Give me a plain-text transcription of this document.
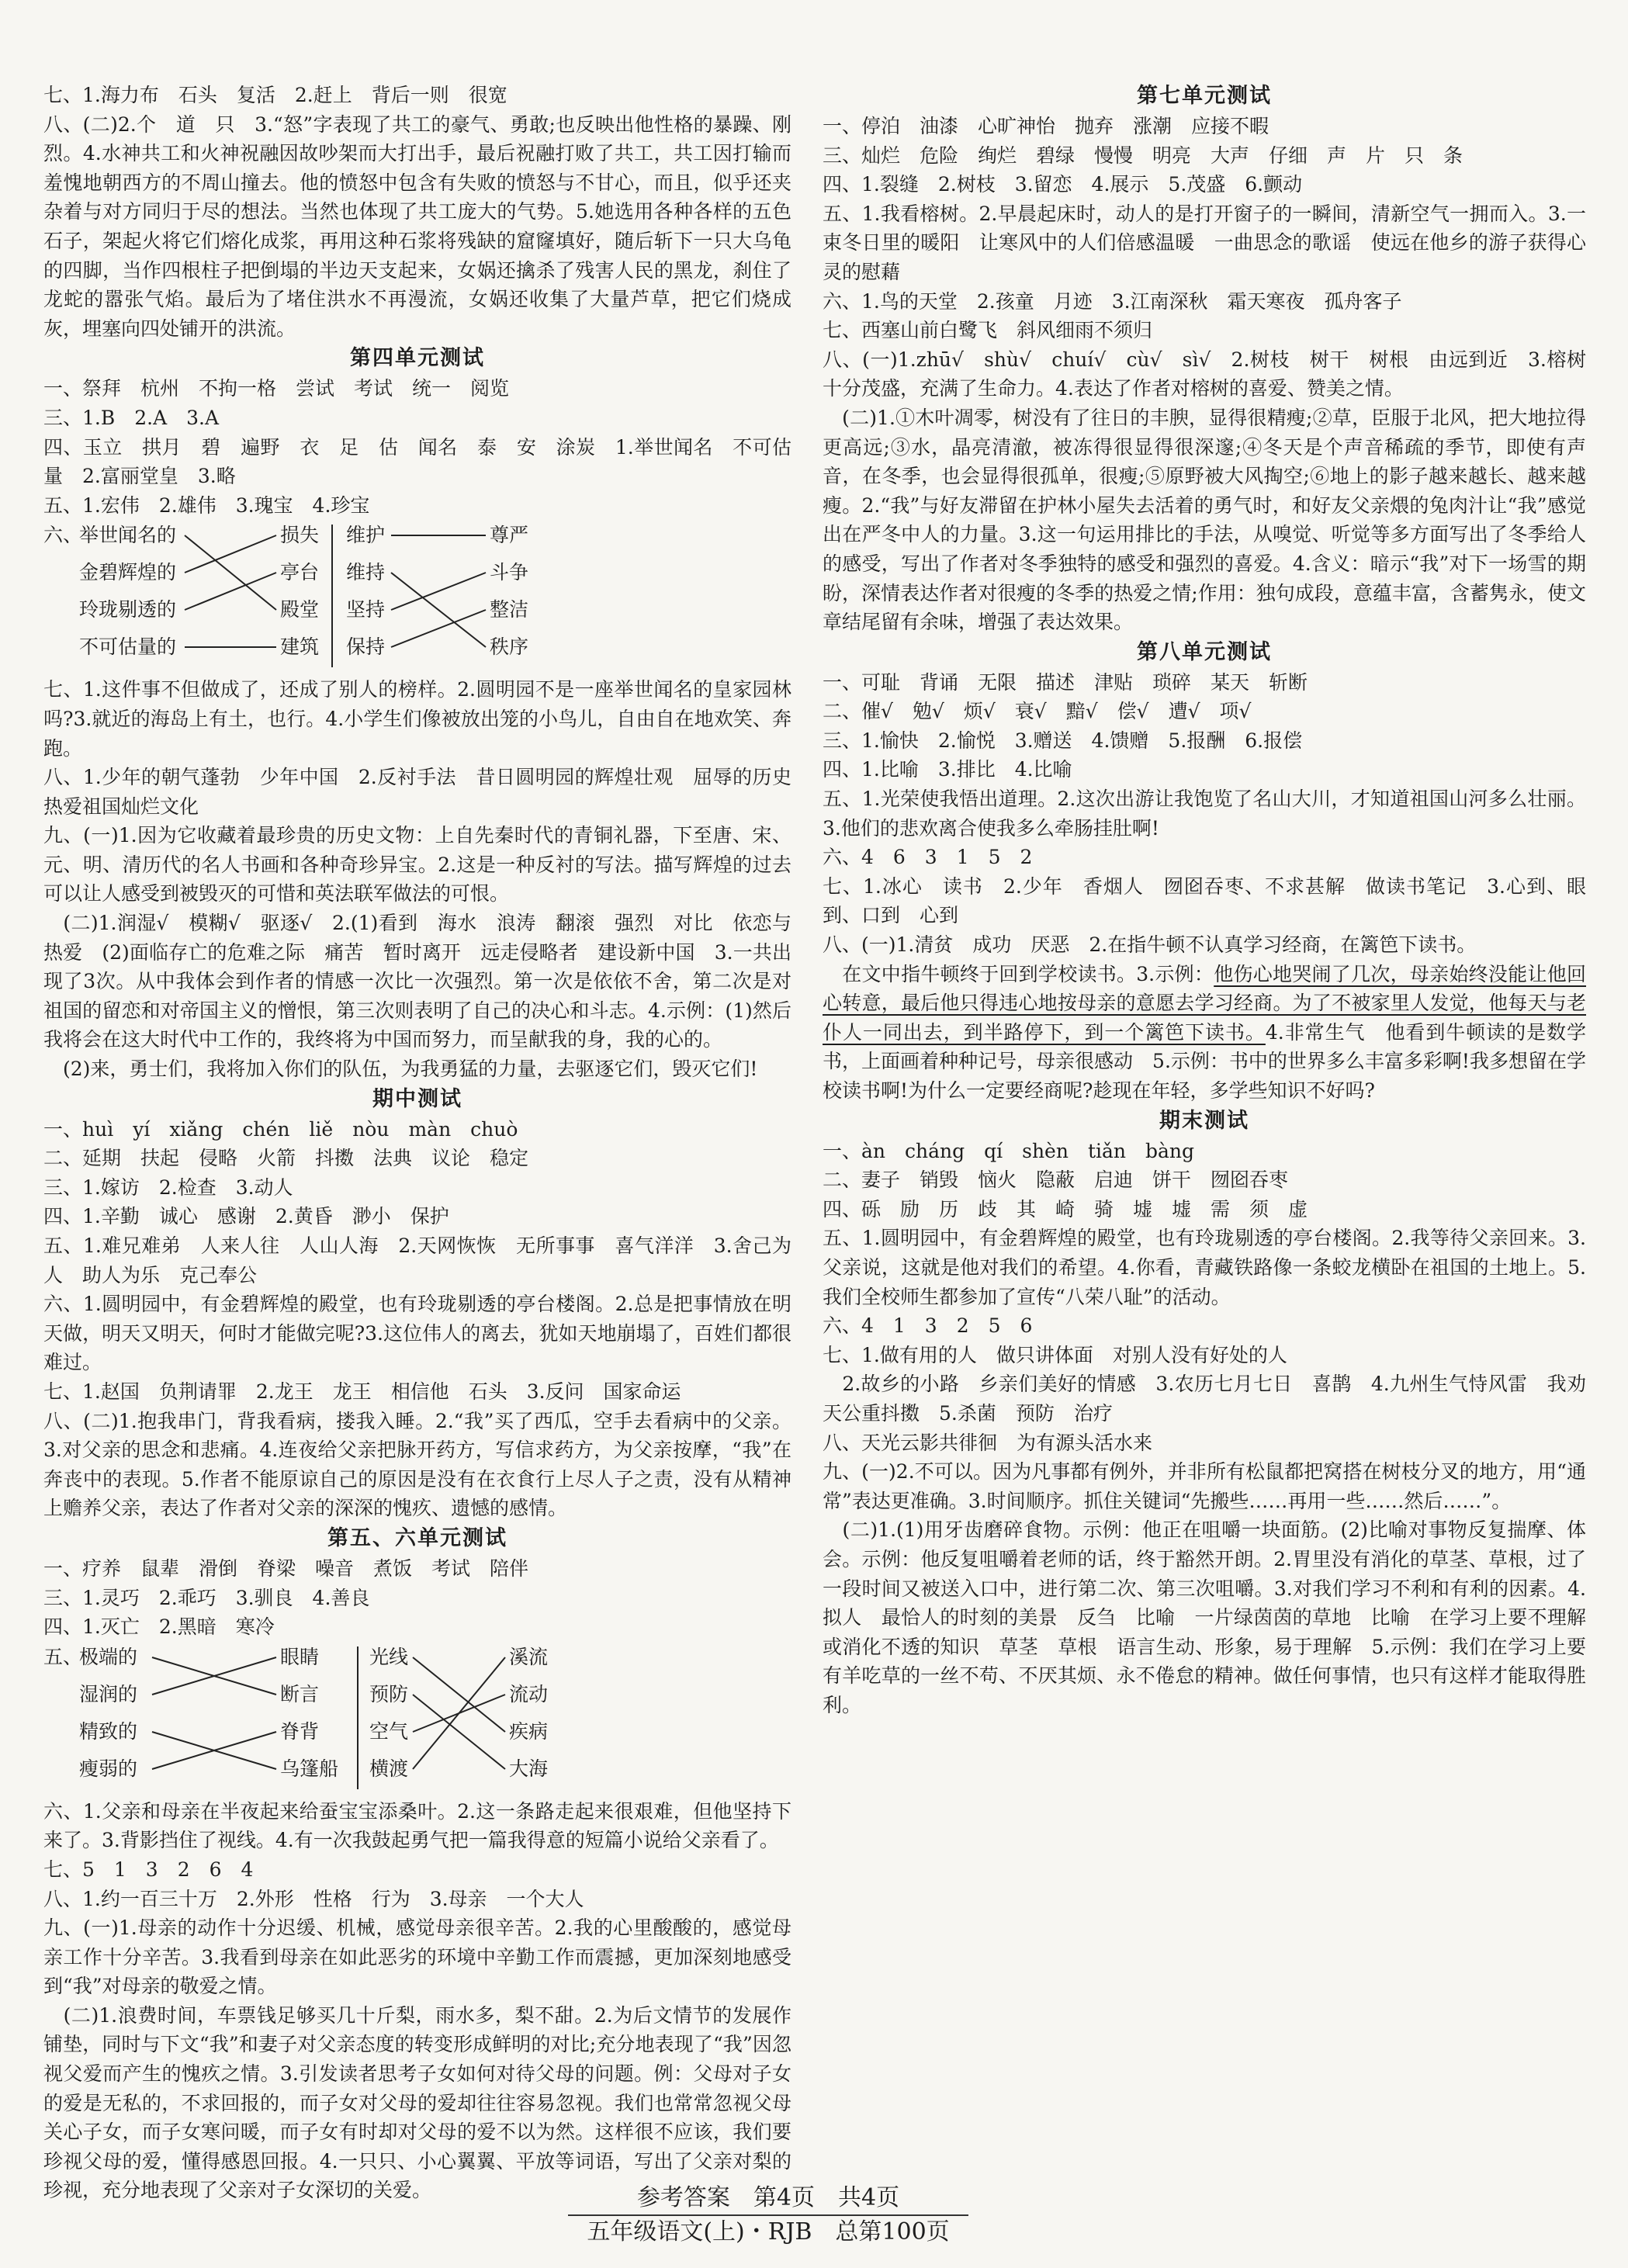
七、1.海力布　石头　复活　2.赶上　背后一则　很宽

八、(二)2.个　道　只　3.“怒”字表现了共工的豪气、勇敢;也反映出他性格的暴躁、刚烈。4.水神共工和火神祝融因故吵架而大打出手，最后祝融打败了共工，共工因打输而羞愧地朝西方的不周山撞去。他的愤怒中包含有失败的愤怒与不甘心，而且，似乎还夹杂着与对方同归于尽的想法。当然也体现了共工庞大的气势。5.她选用各种各样的五色石子，架起火将它们熔化成浆，再用这种石浆将残缺的窟窿填好，随后斩下一只大乌龟的四脚，当作四根柱子把倒塌的半边天支起来，女娲还擒杀了残害人民的黑龙，刹住了龙蛇的嚣张气焰。最后为了堵住洪水不再漫流，女娲还收集了大量芦草，把它们烧成灰，埋塞向四处铺开的洪流。

第四单元测试

一、祭拜　杭州　不拘一格　尝试　考试　统一　阅览

三、1.B　2.A　3.A

四、玉立　拱月　碧　遍野　衣　足　估　闻名　泰　安　涂炭　1.举世闻名　不可估量　2.富丽堂皇　3.略

五、1.宏伟　2.雄伟　3.瑰宝　4.珍宝

六、
举世闻名的
金碧辉煌的
玲珑剔透的
不可估量的
损失
亭台
殿堂
建筑
维护
维持
坚持
保持
尊严
斗争
整洁
秩序

七、1.这件事不但做成了，还成了别人的榜样。2.圆明园不是一座举世闻名的皇家园林吗?3.就近的海岛上有土，也行。4.小学生们像被放出笼的小鸟儿，自由自在地欢笑、奔跑。

八、1.少年的朝气蓬勃　少年中国　2.反衬手法　昔日圆明园的辉煌壮观　屈辱的历史　热爱祖国灿烂文化

九、(一)1.因为它收藏着最珍贵的历史文物：上自先秦时代的青铜礼器，下至唐、宋、元、明、清历代的名人书画和各种奇珍异宝。2.这是一种反衬的写法。描写辉煌的过去可以让人感受到被毁灭的可惜和英法联军做法的可恨。

　(二)1.润湿√　模糊√　驱逐√　2.(1)看到　海水　浪涛　翻滚　强烈　对比　依恋与热爱　(2)面临存亡的危难之际　痛苦　暂时离开　远走侵略者　建设新中国　3.一共出现了3次。从中我体会到作者的情感一次比一次强烈。第一次是依依不舍，第二次是对祖国的留恋和对帝国主义的憎恨，第三次则表明了自己的决心和斗志。4.示例：(1)然后我将会在这大时代中工作的，我终将为中国而努力，而呈献我的身，我的心的。

　(2)来，勇士们，我将加入你们的队伍，为我勇猛的力量，去驱逐它们，毁灭它们!

期中测试

一、huì　yí　xiǎng　chén　liě　nòu　màn　chuò

二、延期　扶起　侵略　火箭　抖擞　法典　议论　稳定

三、1.嫁访　2.检查　3.动人

四、1.辛勤　诚心　感谢　2.黄昏　渺小　保护

五、1.难兄难弟　人来人往　人山人海　2.天网恢恢　无所事事　喜气洋洋　3.舍己为人　助人为乐　克己奉公

六、1.圆明园中，有金碧辉煌的殿堂，也有玲珑剔透的亭台楼阁。2.总是把事情放在明天做，明天又明天，何时才能做完呢?3.这位伟人的离去，犹如天地崩塌了，百姓们都很难过。

七、1.赵国　负荆请罪　2.龙王　龙王　相信他　石头　3.反问　国家命运

八、(二)1.抱我串门，背我看病，搂我入睡。2.“我”买了西瓜，空手去看病中的父亲。3.对父亲的思念和悲痛。4.连夜给父亲把脉开药方，写信求药方，为父亲按摩，“我”在奔丧中的表现。5.作者不能原谅自己的原因是没有在衣食行上尽人子之责，没有从精神上赡养父亲，表达了作者对父亲的深深的愧疚、遗憾的感情。

第五、六单元测试

一、疗养　鼠辈　滑倒　脊梁　噪音　煮饭　考试　陪伴

三、1.灵巧　2.乖巧　3.驯良　4.善良

四、1.灭亡　2.黑暗　寒冷

五、
极端的
湿润的
精致的
瘦弱的
眼睛
断言
脊背
乌篷船
光线
预防
空气
横渡
溪流
流动
疾病
大海

六、1.父亲和母亲在半夜起来给蚕宝宝添桑叶。2.这一条路走起来很艰难，但他坚持下来了。3.背影挡住了视线。4.有一次我鼓起勇气把一篇我得意的短篇小说给父亲看了。

七、5　1　3　2　6　4

八、1.约一百三十万　2.外形　性格　行为　3.母亲　一个大人

九、(一)1.母亲的动作十分迟缓、机械，感觉母亲很辛苦。2.我的心里酸酸的，感觉母亲工作十分辛苦。3.我看到母亲在如此恶劣的环境中辛勤工作而震撼，更加深刻地感受到“我”对母亲的敬爱之情。

　(二)1.浪费时间，车票钱足够买几十斤梨，雨水多，梨不甜。2.为后文情节的发展作铺垫，同时与下文“我”和妻子对父亲态度的转变形成鲜明的对比;充分地表现了“我”因忽视父爱而产生的愧疚之情。3.引发读者思考子女如何对待父母的问题。例：父母对子女的爱是无私的，不求回报的，而子女对父母的爱却往往容易忽视。我们也常常忽视父母关心子女，而子女寒问暖，而子女有时却对父母的爱不以为然。这样很不应该，我们要珍视父母的爱，懂得感恩回报。4.一只只、小心翼翼、平放等词语，写出了父亲对梨的珍视，充分地表现了父亲对子女深切的关爱。

第七单元测试

一、停泊　油漆　心旷神怡　抛弃　涨潮　应接不暇

三、灿烂　危险　绚烂　碧绿　慢慢　明亮　大声　仔细　声　片　只　条

四、1.裂缝　2.树枝　3.留恋　4.展示　5.茂盛　6.颤动

五、1.我看榕树。2.早晨起床时，动人的是打开窗子的一瞬间，清新空气一拥而入。3.一束冬日里的暖阳　让寒风中的人们倍感温暖　一曲思念的歌谣　使远在他乡的游子获得心灵的慰藉

六、1.鸟的天堂　2.孩童　月迹　3.江南深秋　霜天寒夜　孤舟客子

七、西塞山前白鹭飞　斜风细雨不须归

八、(一)1.zhū√　shù√　chuí√　cù√　sì√　2.树枝　树干　树根　由远到近　3.榕树十分茂盛，充满了生命力。4.表达了作者对榕树的喜爱、赞美之情。

　(二)1.①木叶凋零，树没有了往日的丰腴，显得很精瘦;②草，臣服于北风，把大地拉得更高远;③水，晶亮清澈，被冻得很显得很深邃;④冬天是个声音稀疏的季节，即使有声音，在冬季，也会显得很孤单，很瘦;⑤原野被大风掏空;⑥地上的影子越来越长、越来越瘦。2.“我”与好友滞留在护林小屋失去活着的勇气时，和好友父亲煨的兔肉汁让“我”感觉出在严冬中人的力量。3.这一句运用排比的手法，从嗅觉、听觉等多方面写出了冬季给人的感受，写出了作者对冬季独特的感受和强烈的喜爱。4.含义：暗示“我”对下一场雪的期盼，深情表达作者对很瘦的冬季的热爱之情;作用：独句成段，意蕴丰富，含蓄隽永，使文章结尾留有余味，增强了表达效果。

第八单元测试

一、可耻　背诵　无限　描述　津贴　琐碎　某天　斩断

二、催√　勉√　烦√　衰√　黯√　偿√　遭√　项√

三、1.愉快　2.愉悦　3.赠送　4.馈赠　5.报酬　6.报偿

四、1.比喻　3.排比　4.比喻

五、1.光荣使我悟出道理。2.这次出游让我饱览了名山大川，才知道祖国山河多么壮丽。3.他们的悲欢离合使我多么牵肠挂肚啊!

六、4　6　3　1　5　2

七、1.冰心　读书　2.少年　香烟人　囫囵吞枣、不求甚解　做读书笔记　3.心到、眼到、口到　心到

八、(一)1.清贫　成功　厌恶　2.在指牛顿不认真学习经商，在篱笆下读书。

　在文中指牛顿终于回到学校读书。3.示例：他伤心地哭闹了几次，母亲始终没能让他回心转意，最后他只得违心地按母亲的意愿去学习经商。为了不被家里人发觉，他每天与老仆人一同出去，到半路停下，到一个篱笆下读书。4.非常生气　他看到牛顿读的是数学书，上面画着种种记号，母亲很感动　5.示例：书中的世界多么丰富多彩啊!我多想留在学校读书啊!为什么一定要经商呢?趁现在年轻，多学些知识不好吗?

期末测试

一、àn　cháng　qí　shèn　tiǎn　bàng

二、妻子　销毁　恼火　隐蔽　启迪　饼干　囫囵吞枣

四、砾　励　历　歧　其　崎　骑　墟　墟　需　须　虚

五、1.圆明园中，有金碧辉煌的殿堂，也有玲珑剔透的亭台楼阁。2.我等待父亲回来。3.父亲说，这就是他对我们的希望。4.你看，青藏铁路像一条蛟龙横卧在祖国的土地上。5.我们全校师生都参加了宣传“八荣八耻”的活动。

六、4　1　3　2　5　6

七、1.做有用的人　做只讲体面　对别人没有好处的人

　2.故乡的小路　乡亲们美好的情感　3.农历七月七日　喜鹊　4.九州生气恃风雷　我劝天公重抖擞　5.杀菌　预防　治疗

八、天光云影共徘徊　为有源头活水来

九、(一)2.不可以。因为凡事都有例外，并非所有松鼠都把窝搭在树枝分叉的地方，用“通常”表达更准确。3.时间顺序。抓住关键词“先搬些……再用一些……然后……”。

　(二)1.(1)用牙齿磨碎食物。示例：他正在咀嚼一块面筋。(2)比喻对事物反复揣摩、体会。示例：他反复咀嚼着老师的话，终于豁然开朗。2.胃里没有消化的草茎、草根，过了一段时间又被送入口中，进行第二次、第三次咀嚼。3.对我们学习不利和有利的因素。4.拟人　最恰人的时刻的美景　反刍　比喻　一片绿茵茵的草地　比喻　在学习上要不理解或消化不透的知识　草茎　草根　语言生动、形象，易于理解　5.示例：我们在学习上要有羊吃草的一丝不苟、不厌其烦、永不倦怠的精神。做任何事情，也只有这样才能取得胜利。

参考答案　第4页　共4页
五年级语文(上)・RJB　总第100页
